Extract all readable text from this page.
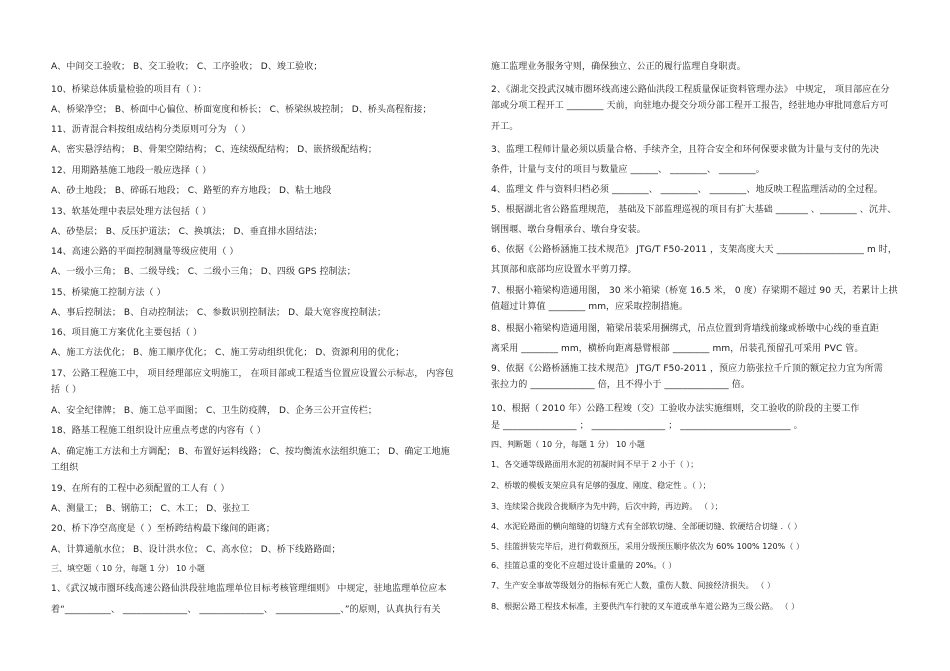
A、中间交工验收； B、交工验收； C、工序验收； D、竣工验收；
10、桥梁总体质量检验的项目有（ ）：
A、桥梁净空； B、桥面中心偏位、桥面宽度和桥长； C、桥梁纵坡控制； D、桥头高程衔接；
11、沥青混合料按组成结构分类原则可分为 （ ）
A、密实悬浮结构； B、骨架空隙结构； C、连续级配结构； D、嵌挤级配结构；
12、用期路基施工地段一般应选择（ ）
A、砂土地段； B、碎砾石地段； C、路堑的弃方地段； D、粘土地段
13、软基处理中表层处理方法包括（ ）
A、砂垫层； B、反压护道法； C、换填法； D、垂直排水固结法；
14、高速公路的平面控制测量等级应使用（ ）
A、一级小三角； B、二级导线； C、二级小三角； D、四级 GPS 控制法；
15、桥梁施工控制方法（ ）
A、事后控制法； B、自动控制法； C、参数识别控制法； D、最大宽容度控制法；
16、项目施工方案优化主要包括（ ）
A、施工方法优化； B、施工顺序优化； C、施工劳动组织优化； D、资源利用的优化；
17、公路工程施工中， 项目经理部应文明施工， 在项目部或工程适当位置应设置公示标志， 内容包
括（ ）
A、安全纪律牌； B、施工总平面图； C、卫生防疫牌， D、企务三公开宣传栏；
18、路基工程施工组织设计应重点考虑的内容有（ ）
A、确定施工方法和土方调配； B、布置好运料线路； C、按均衡流水法组织施工； D、确定工地施
工组织
19、在所有的工程中必须配置的工人有（ ）
A、测量工； B、钢筋工； C、木工； D、张拉工
20、桥下净空高度是（ ）至桥跨结构最下缘间的距离；
A、计算通航水位； B、设计洪水位； C、高水位； D、桥下线路路面；
三、填空题（ 10 分，每题 1 分） 10 小题
1、《武汉城市圈环线高速公路仙洪段驻地监理单位目标考核管理细则》 中规定，驻地监理单位应本
着“__________、 ______________、 ______________、 ______________、”的原则，认真执行有关
施工监理业务服务守则，确保独立、公正的履行监理自身职责。
2、《湖北交投武汉城市圈环线高速公路仙洪段工程质量保证资料管理办法》 中规定， 项目部应在分
部或分项工程开工 ________ 天前，向驻地办提交分项分部工程开工报告，经驻地办审批同意后方可
开工。
3、监理工程师计量必须以质量合格、手续齐全，且符合安全和环何保要求做为计量与支付的先决
条件，计量与支付的项目与数量应 ______、 ________、 ________。
4、监理文 件与资料归档必须 ________、 ________、 ________、地反映工程监理活动的全过程。
5、根据湖北省公路监理规范， 基础及下部监理巡视的项目有扩大基础 _______ 、________ 、沉井、
钢围堰、墩台身帽承台、墩台身安装。
6、依据《公路桥涵施工技术规范》 JTG/T F50-2011 ，支架高度大天 ___________________ m 时，
其顶部和底部均应设置水平剪刀撑。
7、根据小箱梁构造通用图， 30 米小箱梁（桥宽 16.5 米， 0 度）存梁期不超过 90 天，若累计上拱
值超过计算值 ________ mm，应采取控制措施。
8、根据小箱梁构造通用图，箱梁吊装采用捆绑式，吊点位置到背墙线前缘或桥墩中心线的垂直距
离采用 ________ mm，横桥向距离悬臂根部 ________ mm，吊装孔预留孔可采用 PVC 管。
9、依据《公路桥涵施工技术规范》 JTG/T F50-2011 ，预应力筋张拉千斤顶的额定拉力宜为所需
张拉力的 ______________ 倍，且不得小于 ______________ 倍。
10、根据（ 2010 年）公路工程竣（交）工验收办法实施细则，交工验收的阶段的主要工作
是 ________________ ； ________________ ； ________________________ 。
四、判断题（ 10 分，每题 1 分） 10 小题
1、各交通等级路面用水泥的初凝时间不早于 2 小于（ ）；
2、桥墩的模板支架应具有足够的强度、刚度、稳定性 。（ ）；
3、连续梁合拢段合拢顺序为先中跨，后次中跨，再边跨。 （ ）；
4、水泥砼路面的横向缩缝的切缝方式有全部软切缝、全部硬切缝、软硬结合切缝 .（ ）
5、挂篮拼装完毕后，进行荷载预压，采用分级预压顺序依次为 60% 100% 120%（ ）
6、挂篮总重的变化不应超过设计重量的 20%。（ ）
7、生产安全事故等级划分的指标有死亡人数，重伤人数、间接经济损失。 （ ）
8、根据公路工程技术标准，主要供汽车行驶的叉车道或单车道公路为三级公路。 （ ）
